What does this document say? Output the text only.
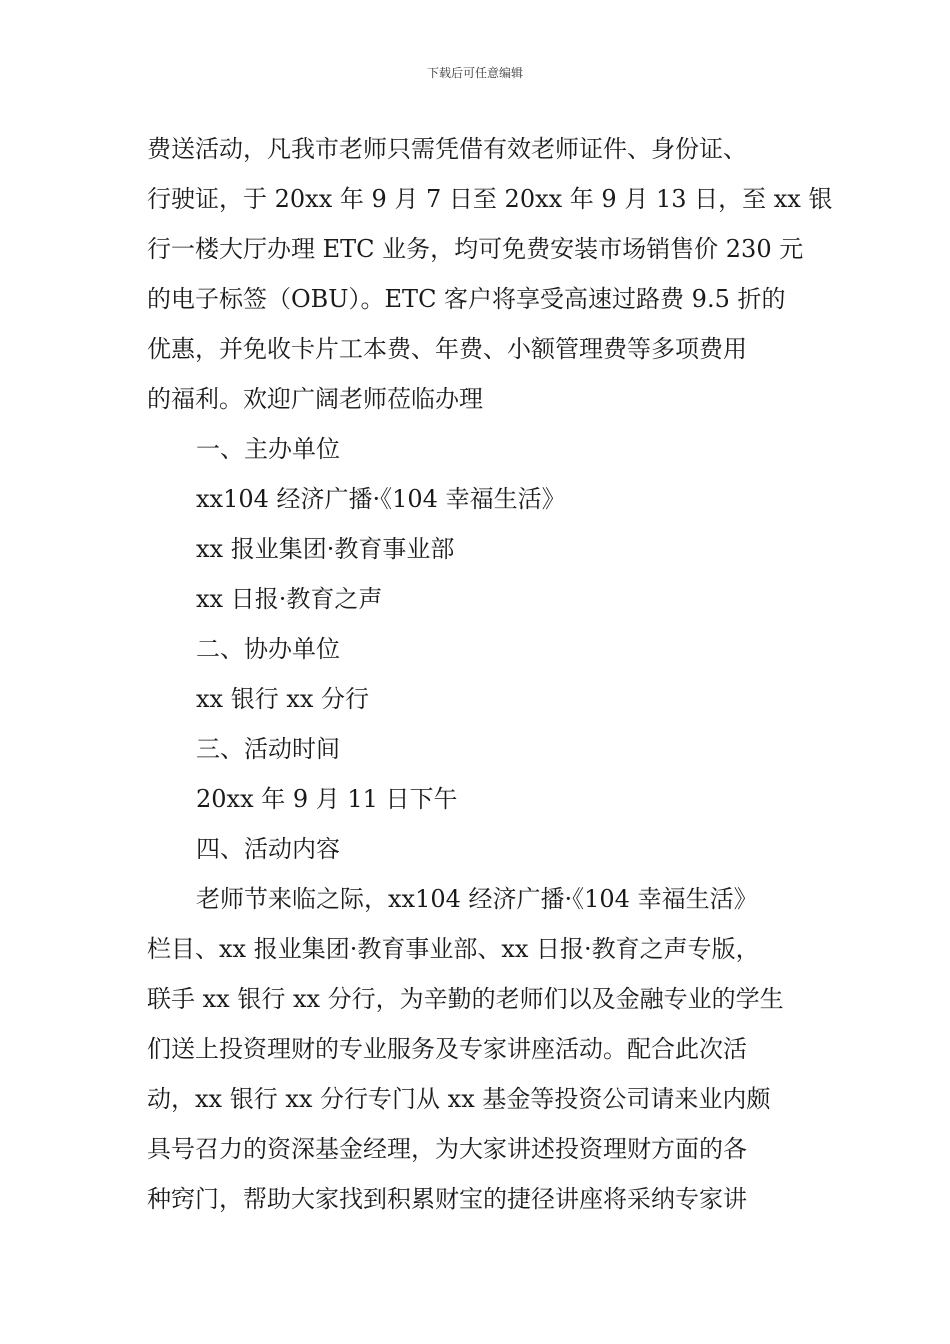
下载后可任意编辑
费送活动，凡我市老师只需凭借有效老师证件、身份证、
行驶证，于 20xx 年 9 月 7 日至 20xx 年 9 月 13 日，至 xx 银
行一楼大厅办理 ETC 业务，均可免费安装市场销售价 230 元
的电子标签（OBU）。ETC 客户将享受高速过路费 9.5 折的
优惠，并免收卡片工本费、年费、小额管理费等多项费用
的福利。欢迎广阔老师莅临办理
一、主办单位
xx104 经济广播·《104 幸福生活》
xx 报业集团·教育事业部
xx 日报·教育之声
二、协办单位
xx 银行 xx 分行
三、活动时间
20xx 年 9 月 11 日下午
四、活动内容
老师节来临之际，xx104 经济广播·《104 幸福生活》
栏目、xx 报业集团·教育事业部、xx 日报·教育之声专版，
联手 xx 银行 xx 分行，为辛勤的老师们以及金融专业的学生
们送上投资理财的专业服务及专家讲座活动。配合此次活
动，xx 银行 xx 分行专门从 xx 基金等投资公司请来业内颇
具号召力的资深基金经理，为大家讲述投资理财方面的各
种窍门，帮助大家找到积累财宝的捷径讲座将采纳专家讲
